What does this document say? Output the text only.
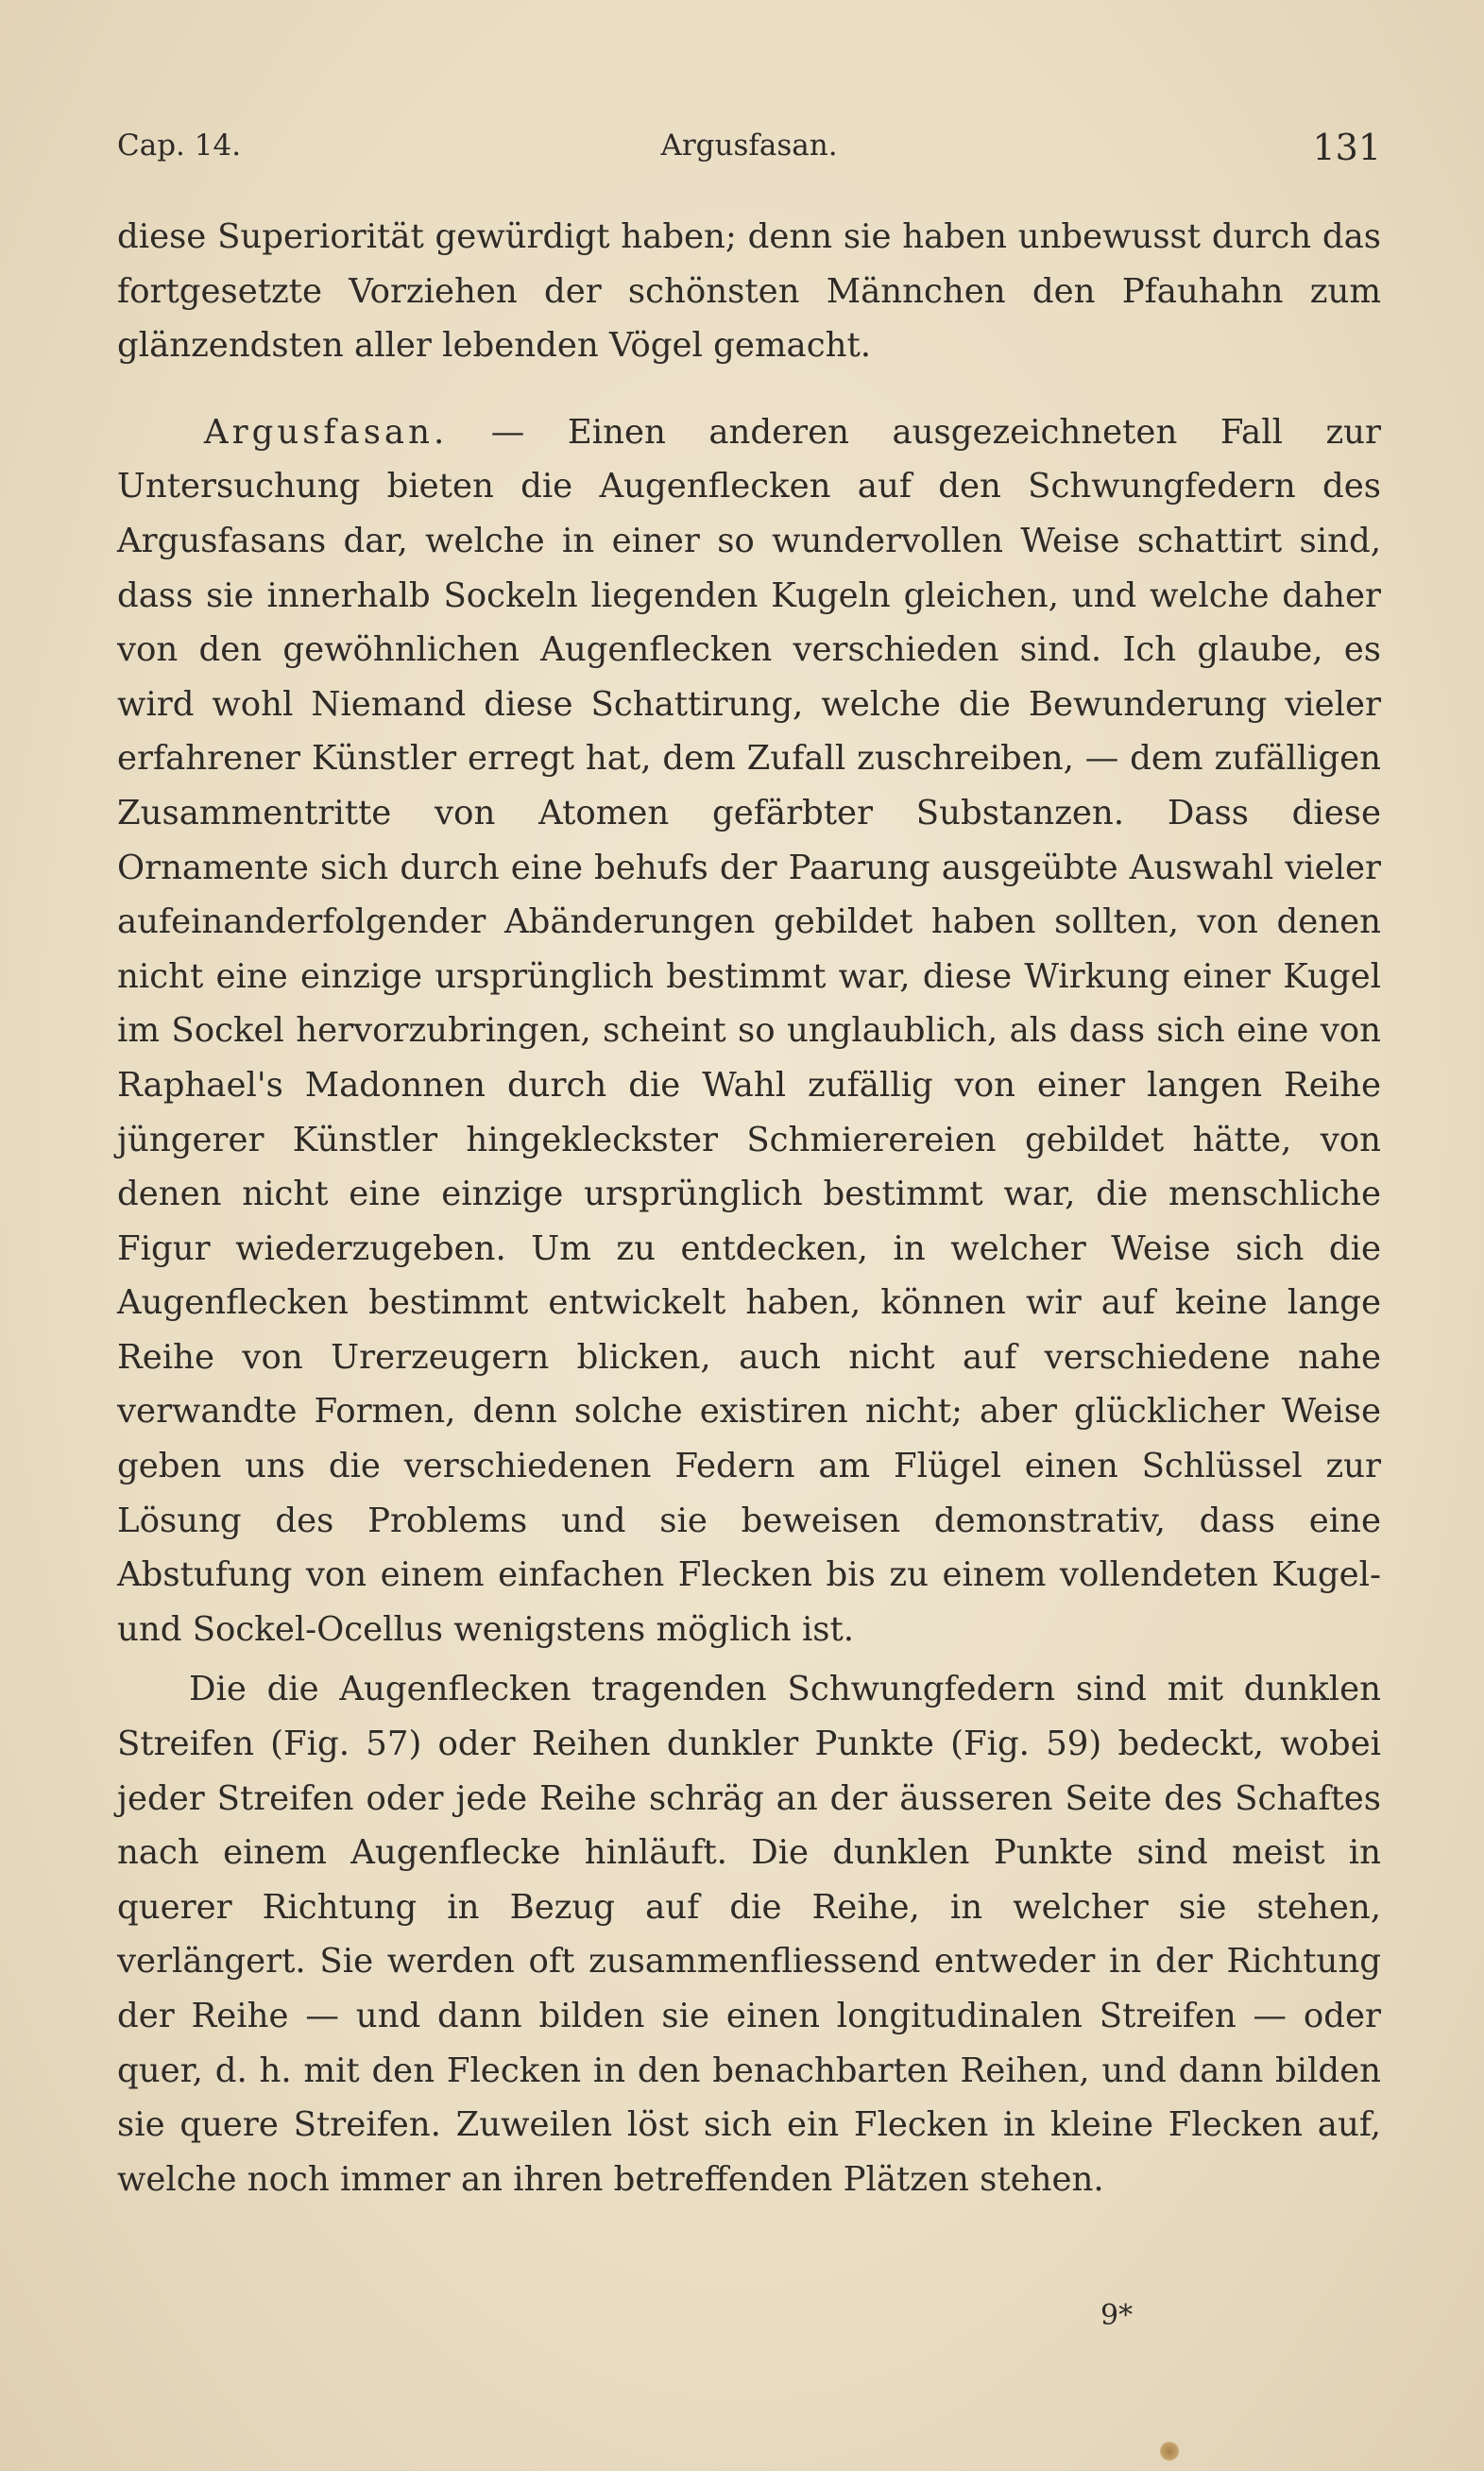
Cap. 14.	Argusfasan.	131

diese Superiorität gewürdigt haben; denn sie haben unbewusst durch das fortgesetzte Vorziehen der schönsten Männchen den Pfauhahn zum glänzendsten aller lebenden Vögel gemacht.

Argusfasan. — Einen anderen ausgezeichneten Fall zur Untersuchung bieten die Augenflecken auf den Schwungfedern des Argusfasans dar, welche in einer so wundervollen Weise schattirt sind, dass sie innerhalb Sockeln liegenden Kugeln gleichen, und welche daher von den gewöhnlichen Augenflecken verschieden sind. Ich glaube, es wird wohl Niemand diese Schattirung, welche die Bewunderung vieler erfahrener Künstler erregt hat, dem Zufall zuschreiben, — dem zufälligen Zusammentritte von Atomen gefärbter Substanzen. Dass diese Ornamente sich durch eine behufs der Paarung ausgeübte Auswahl vieler aufeinanderfolgender Abänderungen gebildet haben sollten, von denen nicht eine einzige ursprünglich bestimmt war, diese Wirkung einer Kugel im Sockel hervorzubringen, scheint so unglaublich, als dass sich eine von Raphael's Madonnen durch die Wahl zufällig von einer langen Reihe jüngerer Künstler hingekleckster Schmierereien gebildet hätte, von denen nicht eine einzige ursprünglich bestimmt war, die menschliche Figur wiederzugeben. Um zu entdecken, in welcher Weise sich die Augenflecken bestimmt entwickelt haben, können wir auf keine lange Reihe von Urerzeugern blicken, auch nicht auf verschiedene nahe verwandte Formen, denn solche existiren nicht; aber glücklicher Weise geben uns die verschiedenen Federn am Flügel einen Schlüssel zur Lösung des Problems und sie beweisen demonstrativ, dass eine Abstufung von einem einfachen Flecken bis zu einem vollendeten Kugel- und Sockel-Ocellus wenigstens möglich ist.

Die die Augenflecken tragenden Schwungfedern sind mit dunklen Streifen (Fig. 57) oder Reihen dunkler Punkte (Fig. 59) bedeckt, wobei jeder Streifen oder jede Reihe schräg an der äusseren Seite des Schaftes nach einem Augenflecke hinläuft. Die dunklen Punkte sind meist in querer Richtung in Bezug auf die Reihe, in welcher sie stehen, verlängert. Sie werden oft zusammenfliessend entweder in der Richtung der Reihe — und dann bilden sie einen longitudinalen Streifen — oder quer, d. h. mit den Flecken in den benachbarten Reihen, und dann bilden sie quere Streifen. Zuweilen löst sich ein Flecken in kleine Flecken auf, welche noch immer an ihren betreffenden Plätzen stehen.

9*
